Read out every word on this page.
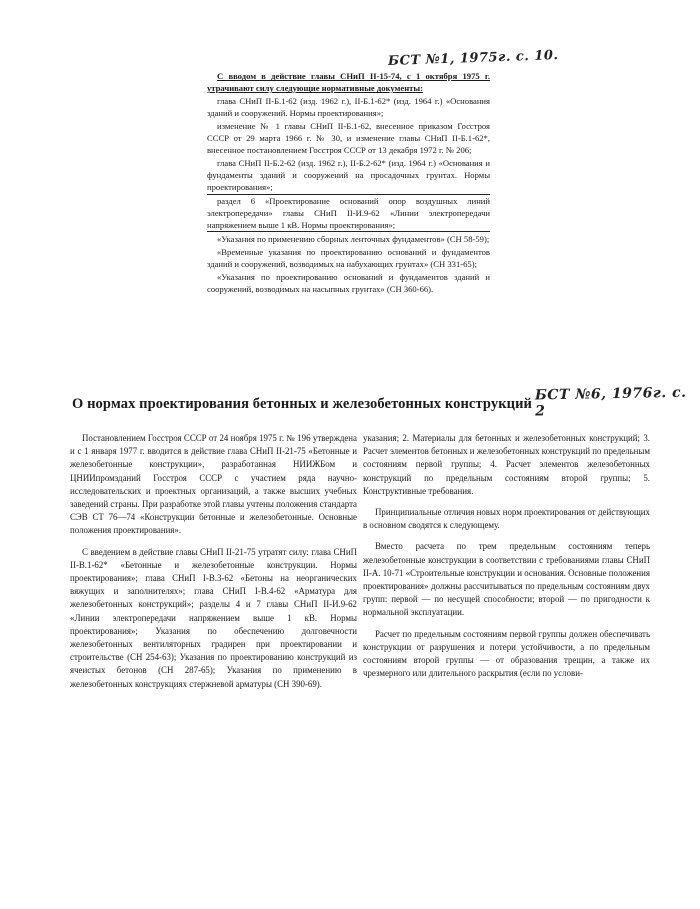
БСТ №1, 1975г. с. 10.

С вводом в действие главы СНиП II-15-74, с 1 октября 1975 г. утрачивают силу следующие нормативные документы:

глава СНиП II-Б.1-62 (изд. 1962 г.), II-Б.1-62* (изд. 1964 г.) «Основания зданий и сооружений. Нормы проектирования»;

изменение № 1 главы СНиП II-Б.1-62, внесенное приказом Госстроя СССР от 29 марта 1966 г. № 30, и изменение главы СНиП II-Б.1-62*, внесенное постановлением Госстроя СССР от 13 декабря 1972 г. № 206;

глава СНиП II-Б.2-62 (изд. 1962 г.), II-Б.2-62* (изд. 1964 г.) «Основания и фундаменты зданий и сооружений на просадочных грунтах. Нормы проектирования»;

раздел 6 «Проектирование оснований опор воздушных линий электропередачи» главы СНиП II-И.9-62 «Линии электропередачи напряжением выше 1 кВ. Нормы проектирования»;

«Указания по применению сборных ленточных фундаментов» (СН 58-59);

«Временные указания по проектированию оснований и фундаментов зданий и сооружений, возводимых на набухающих грунтах» (СН 331-65);

«Указания по проектированию оснований и фундаментов зданий и сооружений, возводимых на насыпных грунтах» (СН 360-66).

О нормах проектирования бетонных и железобетонных конструкций
БСТ №6, 1976г. с. 2

Постановлением Госстроя СССР от 24 ноября 1975 г. № 196 утверждена и с 1 января 1977 г. вводится в действие глава СНиП II-21-75 «Бетонные и железобетонные конструкции», разработанная НИИЖБом и ЦНИИпромзданий Госстроя СССР с участием ряда научно-исследовательских и проектных организаций, а также высших учебных заведений страны. При разработке этой главы учтены положения стандарта СЭВ СТ 76—74 «Конструкции бетонные и железобетонные. Основные положения проектирования».

С введением в действие главы СНиП II-21-75 утратят силу: глава СНиП II-В.1-62* «Бетонные и железобетонные конструкции. Нормы проектирования»; глава СНиП I-В.3-62 «Бетоны на неорганических вяжущих и заполнителях»; глава СНиП I-В.4-62 «Арматура для железобетонных конструкций»; разделы 4 и 7 главы СНиП II-И.9-62 «Линии электропередачи напряжением выше 1 кВ. Нормы проектирования»; Указания по обеспечению долговечности железобетонных вентиляторных градирен при проектировании и строительстве (СН 254-63); Указания по проектированию конструкций из ячеистых бетонов (СН 287-65); Указания по применению в железобетонных конструкциях стержневой арматуры (СН 390-69).

указания; 2. Материалы для бетонных и железобетонных конструкций; 3. Расчет элементов бетонных и железобетонных конструкций по предельным состояниям первой группы; 4. Расчет элементов железобетонных конструкций по предельным состояниям второй группы; 5. Конструктивные требования.

Принципиальные отличия новых норм проектирования от действующих в основном сводятся к следующему.

Вместо расчета по трем предельным состояниям теперь железобетонные конструкции в соответствии с требованиями главы СНиП II-А. 10-71 «Строительные конструкции и основания. Основные положения проектирования» должны рассчитываться по предельным состояниям двух групп: первой — по несущей способности; второй — по пригодности к нормальной эксплуатации.

Расчет по предельным состояниям первой группы должен обеспечивать конструкции от разрушения и потери устойчивости, а по предельным состояниям второй группы — от образования трещин, а также их чрезмерного или длительного раскрытия (если по услови-
